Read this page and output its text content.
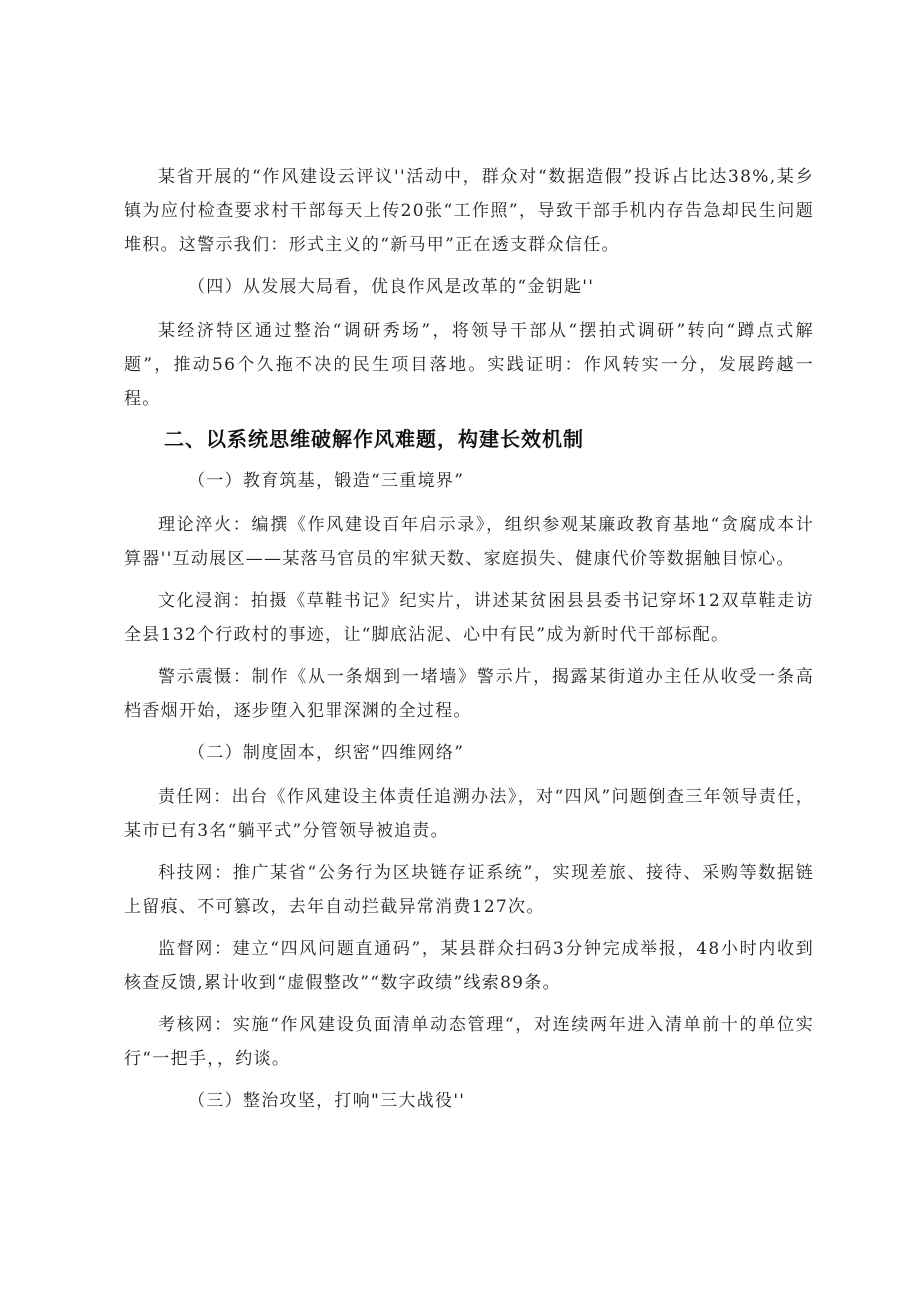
某省开展的“作风建设云评议''活动中，群众对“数据造假”投诉占比达38%,某乡镇为应付检查要求村干部每天上传20张“工作照”，导致干部手机内存告急却民生问题堆积。这警示我们：形式主义的“新马甲”正在透支群众信任。

（四）从发展大局看，优良作风是改革的“金钥匙''

某经济特区通过整治“调研秀场”，将领导干部从“摆拍式调研”转向“蹲点式解题”，推动56个久拖不决的民生项目落地。实践证明：作风转实一分，发展跨越一程。

二、以系统思维破解作风难题，构建长效机制

（一）教育筑基，锻造“三重境界”

理论淬火：编撰《作风建设百年启示录》，组织参观某廉政教育基地“贪腐成本计算器''互动展区——某落马官员的牢狱天数、家庭损失、健康代价等数据触目惊心。

文化浸润：拍摄《草鞋书记》纪实片，讲述某贫困县县委书记穿坏12双草鞋走访全县132个行政村的事迹，让“脚底沾泥、心中有民”成为新时代干部标配。

警示震慑：制作《从一条烟到一堵墙》警示片，揭露某街道办主任从收受一条高档香烟开始，逐步堕入犯罪深渊的全过程。

（二）制度固本，织密“四维网络”

责任网：出台《作风建设主体责任追溯办法》，对“四风”问题倒查三年领导责任，某市已有3名“躺平式”分管领导被追责。

科技网：推广某省“公务行为区块链存证系统”，实现差旅、接待、采购等数据链上留痕、不可篡改，去年自动拦截异常消费127次。

监督网：建立“四风问题直通码”，某县群众扫码3分钟完成举报，48小时内收到核查反馈,累计收到“虚假整改”“数字政绩”线索89条。

考核网：实施“作风建设负面清单动态管理“，对连续两年进入清单前十的单位实行“一把手，，约谈。

（三）整治攻坚，打响"三大战役''
